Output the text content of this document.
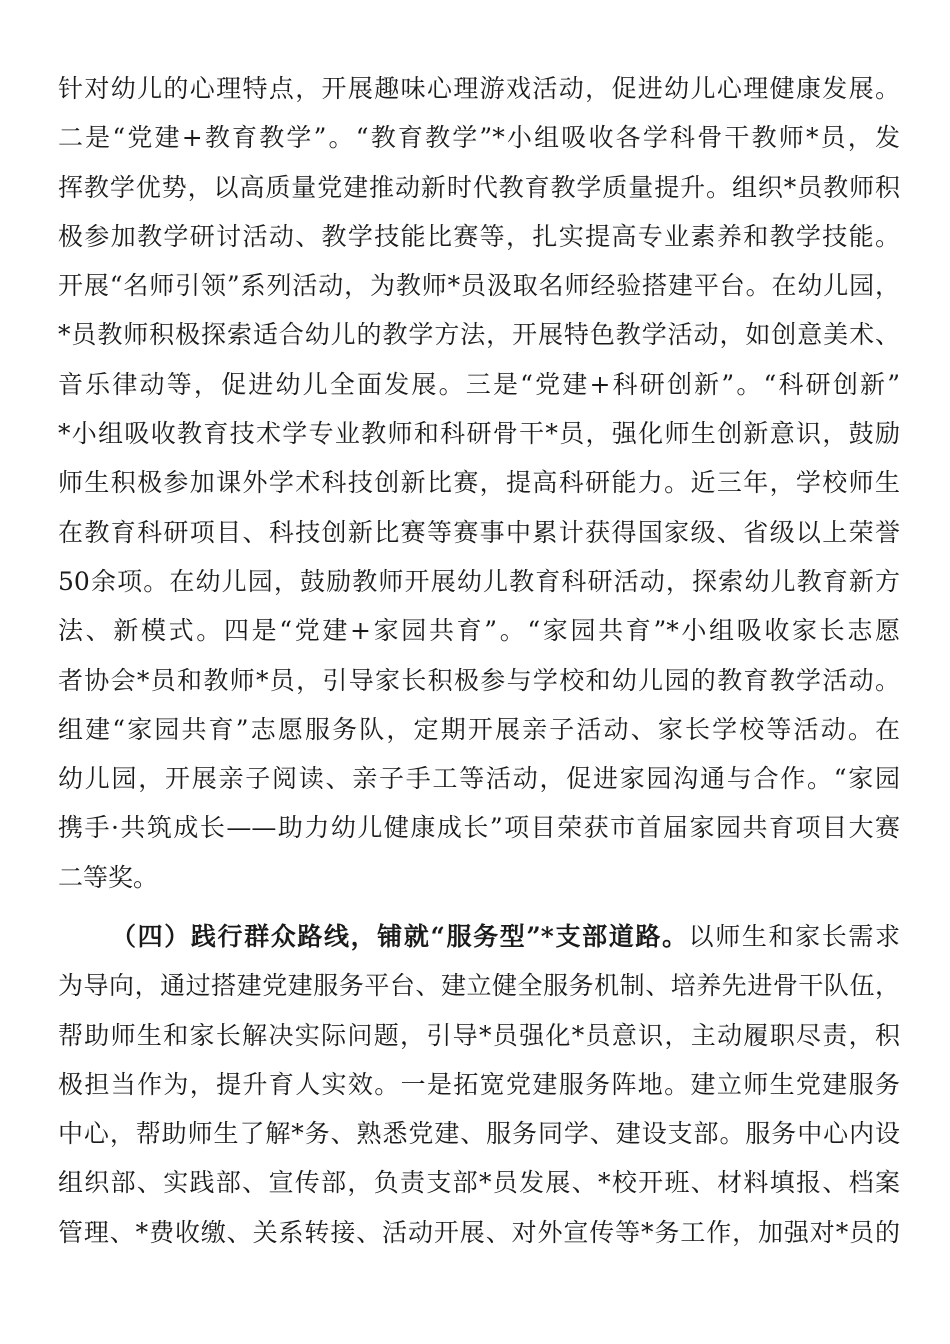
针对幼儿的心理特点，开展趣味心理游戏活动，促进幼儿心理健康发展。
二是“党建+教育教学”。“教育教学”*小组吸收各学科骨干教师*员，发
挥教学优势，以高质量党建推动新时代教育教学质量提升。组织*员教师积
极参加教学研讨活动、教学技能比赛等，扎实提高专业素养和教学技能。
开展“名师引领”系列活动，为教师*员汲取名师经验搭建平台。在幼儿园，
*员教师积极探索适合幼儿的教学方法，开展特色教学活动，如创意美术、
音乐律动等，促进幼儿全面发展。三是“党建+科研创新”。“科研创新”
*小组吸收教育技术学专业教师和科研骨干*员，强化师生创新意识，鼓励
师生积极参加课外学术科技创新比赛，提高科研能力。近三年，学校师生
在教育科研项目、科技创新比赛等赛事中累计获得国家级、省级以上荣誉
50余项。在幼儿园，鼓励教师开展幼儿教育科研活动，探索幼儿教育新方
法、新模式。四是“党建+家园共育”。“家园共育”*小组吸收家长志愿
者协会*员和教师*员，引导家长积极参与学校和幼儿园的教育教学活动。
组建“家园共育”志愿服务队，定期开展亲子活动、家长学校等活动。在
幼儿园，开展亲子阅读、亲子手工等活动，促进家园沟通与合作。“家园
携手·共筑成长——助力幼儿健康成长”项目荣获市首届家园共育项目大赛
二等奖。
（四）践行群众路线，铺就“服务型”*支部道路。以师生和家长需求
为导向，通过搭建党建服务平台、建立健全服务机制、培养先进骨干队伍，
帮助师生和家长解决实际问题，引导*员强化*员意识，主动履职尽责，积
极担当作为，提升育人实效。一是拓宽党建服务阵地。建立师生党建服务
中心，帮助师生了解*务、熟悉党建、服务同学、建设支部。服务中心内设
组织部、实践部、宣传部，负责支部*员发展、*校开班、材料填报、档案
管理、*费收缴、关系转接、活动开展、对外宣传等*务工作，加强对*员的
